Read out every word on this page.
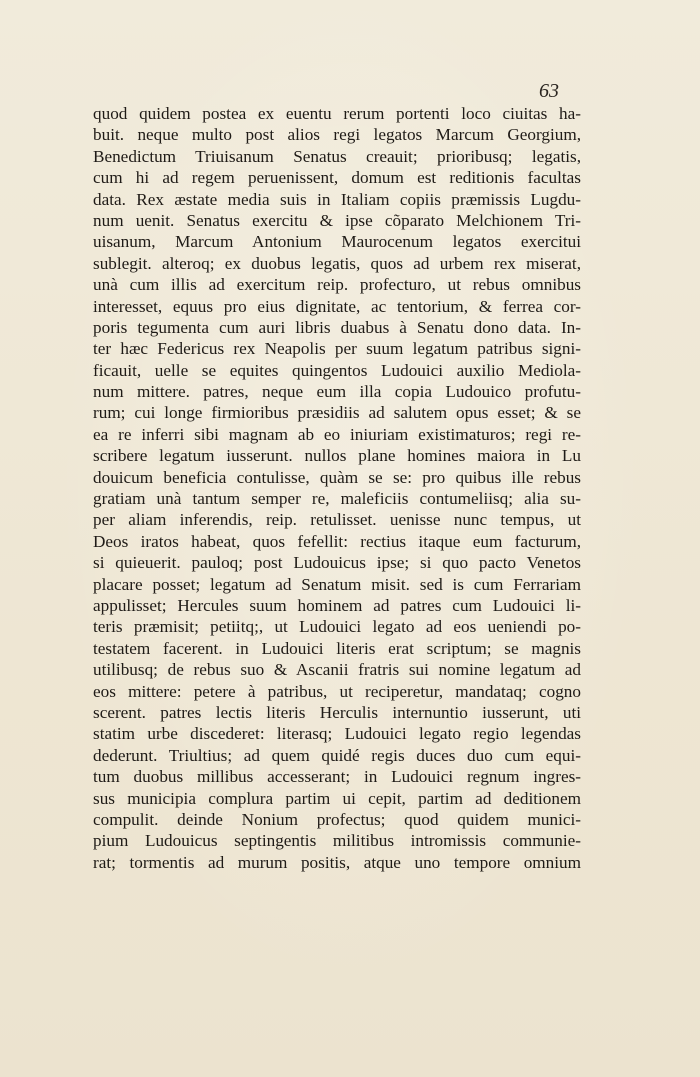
63
quod quidem postea ex euentu rerum portenti loco ciuitas ha-
buit. neque multo post alios regi legatos Marcum Georgium,
Benedictum Triuisanum Senatus creauit; prioribusq; legatis,
cum hi ad regem peruenissent, domum est reditionis facultas
data. Rex æstate media suis in Italiam copiis præmissis Lugdu-
num uenit. Senatus exercitu & ipse cõparato Melchionem Tri-
uisanum, Marcum Antonium Maurocenum legatos exercitui
sublegit. alteroq; ex duobus legatis, quos ad urbem rex miserat,
unà cum illis ad exercitum reip. profecturo, ut rebus omnibus
interesset, equus pro eius dignitate, ac tentorium, & ferrea cor-
poris tegumenta cum auri libris duabus à Senatu dono data. In-
ter hæc Federicus rex Neapolis per suum legatum patribus signi-
ficauit, uelle se equites quingentos Ludouici auxilio Mediola-
num mittere. patres, neque eum illa copia Ludouico profutu-
rum; cui longe firmioribus præsidiis ad salutem opus esset; & se
ea re inferri sibi magnam ab eo iniuriam existimaturos; regi re-
scribere legatum iusserunt. nullos plane homines maiora in Lu
douicum beneficia contulisse, quàm se se: pro quibus ille rebus
gratiam unà tantum semper re, maleficiis contumeliisq; alia su-
per aliam inferendis, reip. retulisset. uenisse nunc tempus, ut
Deos iratos habeat, quos fefellit: rectius itaque eum facturum,
si quieuerit. pauloq; post Ludouicus ipse; si quo pacto Venetos
placare posset; legatum ad Senatum misit. sed is cum Ferrariam
appulisset; Hercules suum hominem ad patres cum Ludouici li-
teris præmisit; petiitq;, ut Ludouici legato ad eos ueniendi po-
testatem facerent. in Ludouici literis erat scriptum; se magnis
utilibusq; de rebus suo & Ascanii fratris sui nomine legatum ad
eos mittere: petere à patribus, ut reciperetur, mandataq; cogno
scerent. patres lectis literis Herculis internuntio iusserunt, uti
statim urbe discederet: literasq; Ludouici legato regio legendas
dederunt. Triultius; ad quem quidé regis duces duo cum equi-
tum duobus millibus accesserant; in Ludouici regnum ingres-
sus municipia complura partim ui cepit, partim ad deditionem
compulit. deinde Nonium profectus; quod quidem munici-
pium Ludouicus septingentis militibus intromissis communie-
rat; tormentis ad murum positis, atque uno tempore omnium
